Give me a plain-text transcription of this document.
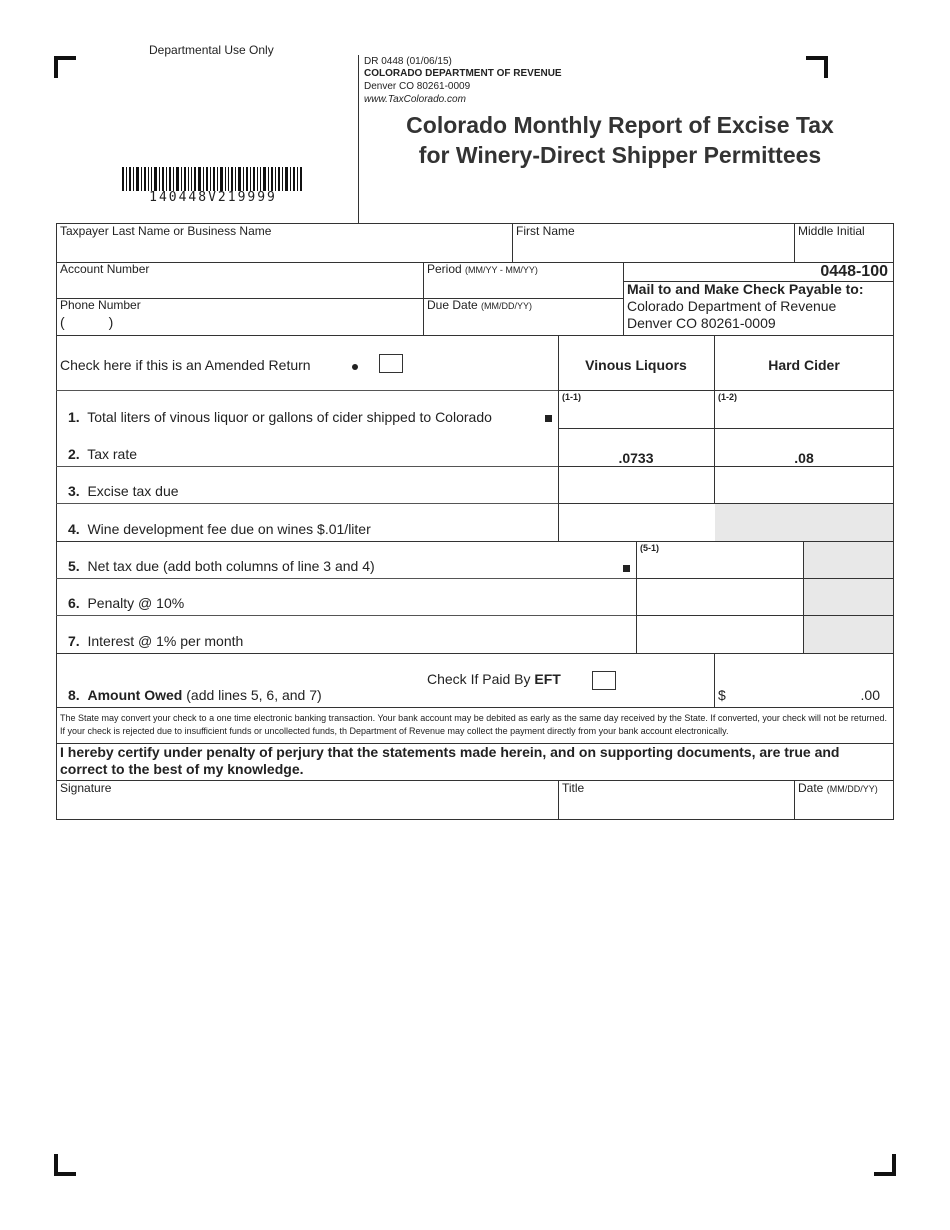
Departmental Use Only
DR 0448 (01/06/15)
COLORADO DEPARTMENT OF REVENUE
Denver CO 80261-0009
www.TaxColorado.com
Colorado Monthly Report of Excise Tax
for Winery-Direct Shipper Permittees
140448V219999
Taxpayer Last Name or Business Name	First Name	Middle Initial
Account Number	Period (MM/YY - MM/YY)
Phone Number
(	)
Due Date (MM/DD/YY)
0448-100
Mail to and Make Check Payable to:
Colorado Department of Revenue
Denver CO 80261-0009
Check here if this is an Amended Return	Vinous Liquors	Hard Cider
(1-1)	(1-2)
1. Total liters of vinous liquor or gallons of cider shipped to Colorado
2. Tax rate	.0733	.08
3. Excise tax due
4. Wine development fee due on wines $.01/liter
(5-1)
5. Net tax due (add both columns of line 3 and 4)
6. Penalty @ 10%
7. Interest @ 1% per month
Check If Paid By EFT
8. Amount Owed (add lines 5, 6, and 7)	$	.00
The State may convert your check to a one time electronic banking transaction. Your bank account may be debited as early as the same day received by the State. If converted, your check will not be returned. If your check is rejected due to insufficient funds or uncollected funds, th Department of Revenue may collect the payment directly from your bank account electronically.
I hereby certify under penalty of perjury that the statements made herein, and on supporting documents, are true and correct to the best of my knowledge.
Signature	Title	Date (MM/DD/YY)
